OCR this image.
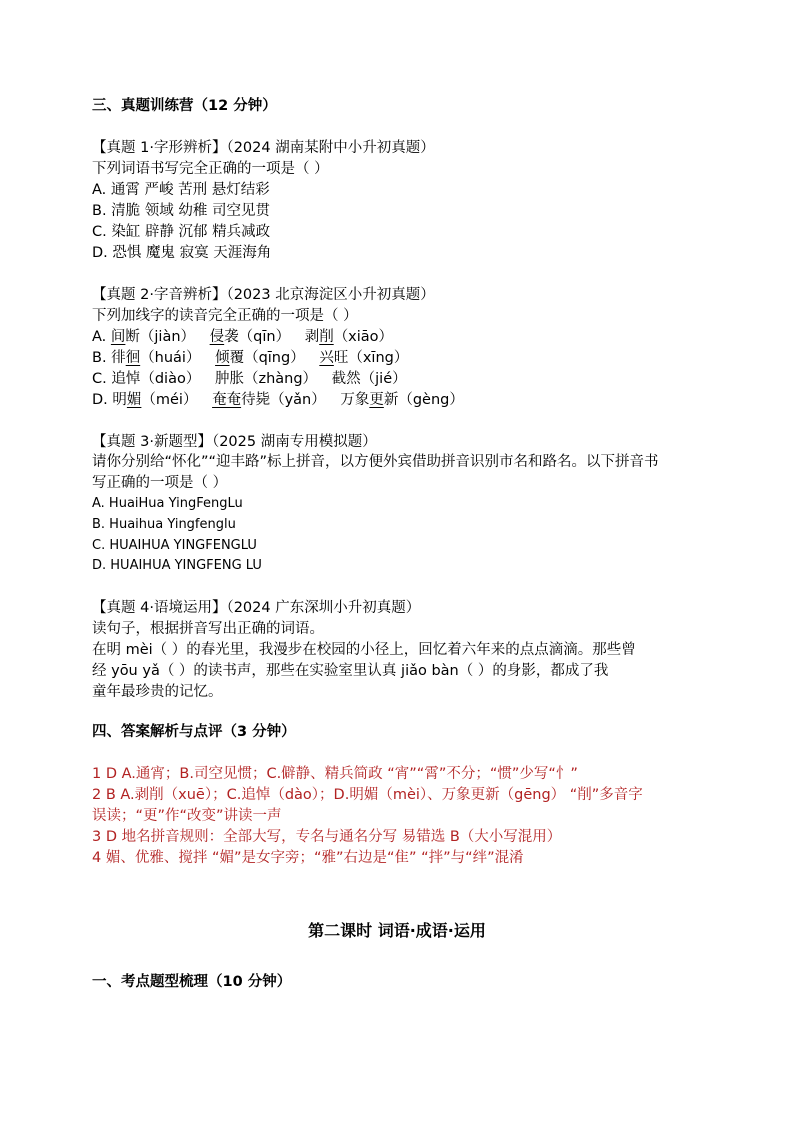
三、真题训练营（12 分钟）
【真题 1·字形辨析】（2024 湖南某附中小升初真题）
下列词语书写完全正确的一项是（ ）
A. 通霄 严峻 苦刑 悬灯结彩
B. 清脆 领域 幼稚 司空见贯
C. 染缸 辟静 沉郁 精兵减政
D. 恐惧 魔鬼 寂寞 天涯海角
【真题 2·字音辨析】（2023 北京海淀区小升初真题）
下列加线字的读音完全正确的一项是（ ）
A. 间断（jiàn） 侵袭（qīn） 剥削（xiāo）
B. 徘徊（huái） 倾覆（qīng） 兴旺（xīng）
C. 追悼（diào） 肿胀（zhàng） 截然（jié）
D. 明媚（méi） 奄奄待毙（yǎn） 万象更新（gèng）
【真题 3·新题型】（2025 湖南专用模拟题）
请你分别给“怀化”“迎丰路”标上拼音，以方便外宾借助拼音识别市名和路名。以下拼音书
写正确的一项是（ ）
A. HuaiHua YingFengLu
B. Huaihua Yingfenglu
C. HUAIHUA YINGFENGLU
D. HUAIHUA YINGFENG LU
【真题 4·语境运用】（2024 广东深圳小升初真题）
读句子，根据拼音写出正确的词语。
在明 mèi（ ）的春光里，我漫步在校园的小径上，回忆着六年来的点点滴滴。那些曾
经 yōu yǎ（ ）的读书声，那些在实验室里认真 jiǎo bàn（ ）的身影，都成了我
童年最珍贵的记忆。
四、答案解析与点评（3 分钟）
1 D A.通宵；B.司空见惯；C.僻静、精兵简政 “宵”“霄”不分；“惯”少写“忄”
2 B A.剥削（xuē）；C.追悼（dào）；D.明媚（mèi）、万象更新（gēng） “削”多音字
误读；“更”作“改变”讲读一声
3 D 地名拼音规则：全部大写，专名与通名分写 易错选 B（大小写混用）
4 媚、优雅、搅拌 “媚”是女字旁；“雅”右边是“隹” “拌”与“绊”混淆
第二课时 词语·成语·运用
一、考点题型梳理（10 分钟）
